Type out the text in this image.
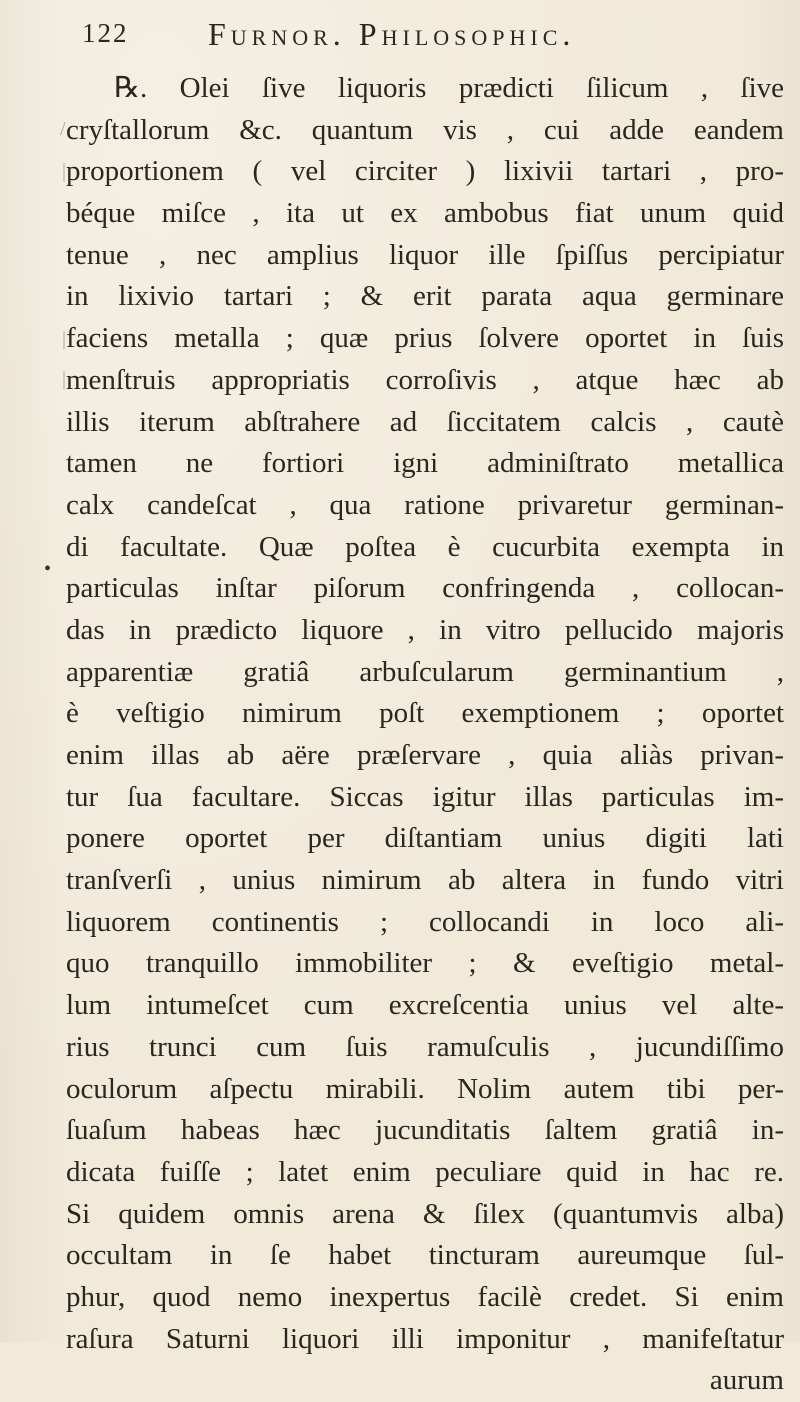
122 Furnor. Philosophic.
/
|
|
|
•
℞. Olei ſive liquoris prædicti ſilicum , ſive
cryſtallorum &c. quantum vis , cui adde eandem
proportionem ( vel circiter ) lixivii tartari , pro-
béque miſce , ita ut ex ambobus fiat unum quid
tenue , nec amplius liquor ille ſpiſſus percipiatur
in lixivio tartari ; & erit parata aqua germinare
faciens metalla ; quæ prius ſolvere oportet in ſuis
menſtruis appropriatis corroſivis , atque hæc ab
illis iterum abſtrahere ad ſiccitatem calcis , cautè
tamen ne fortiori igni adminiſtrato metallica
calx candeſcat , qua ratione privaretur germinan-
di facultate. Quæ poſtea è cucurbita exempta in
particulas inſtar piſorum confringenda , collocan-
das in prædicto liquore , in vitro pellucido majoris
apparentiæ gratiâ arbuſcularum germinantium ,
è veſtigio nimirum poſt exemptionem ; oportet
enim illas ab aëre præſervare , quia aliàs privan-
tur ſua facultare. Siccas igitur illas particulas im-
ponere oportet per diſtantiam unius digiti lati
tranſverſi , unius nimirum ab altera in fundo vitri
liquorem continentis ; collocandi in loco ali-
quo tranquillo immobiliter ; & eveſtigio metal-
lum intumeſcet cum excreſcentia unius vel alte-
rius trunci cum ſuis ramuſculis , jucundiſſimo
oculorum aſpectu mirabili. Nolim autem tibi per-
ſuaſum habeas hæc jucunditatis ſaltem gratiâ in-
dicata fuiſſe ; latet enim peculiare quid in hac re.
Si quidem omnis arena & ſilex (quantumvis alba)
occultam in ſe habet tincturam aureumque ſul-
phur, quod nemo inexpertus facilè credet. Si enim
raſura Saturni liquori illi imponitur , manifeſtatur
aurum
